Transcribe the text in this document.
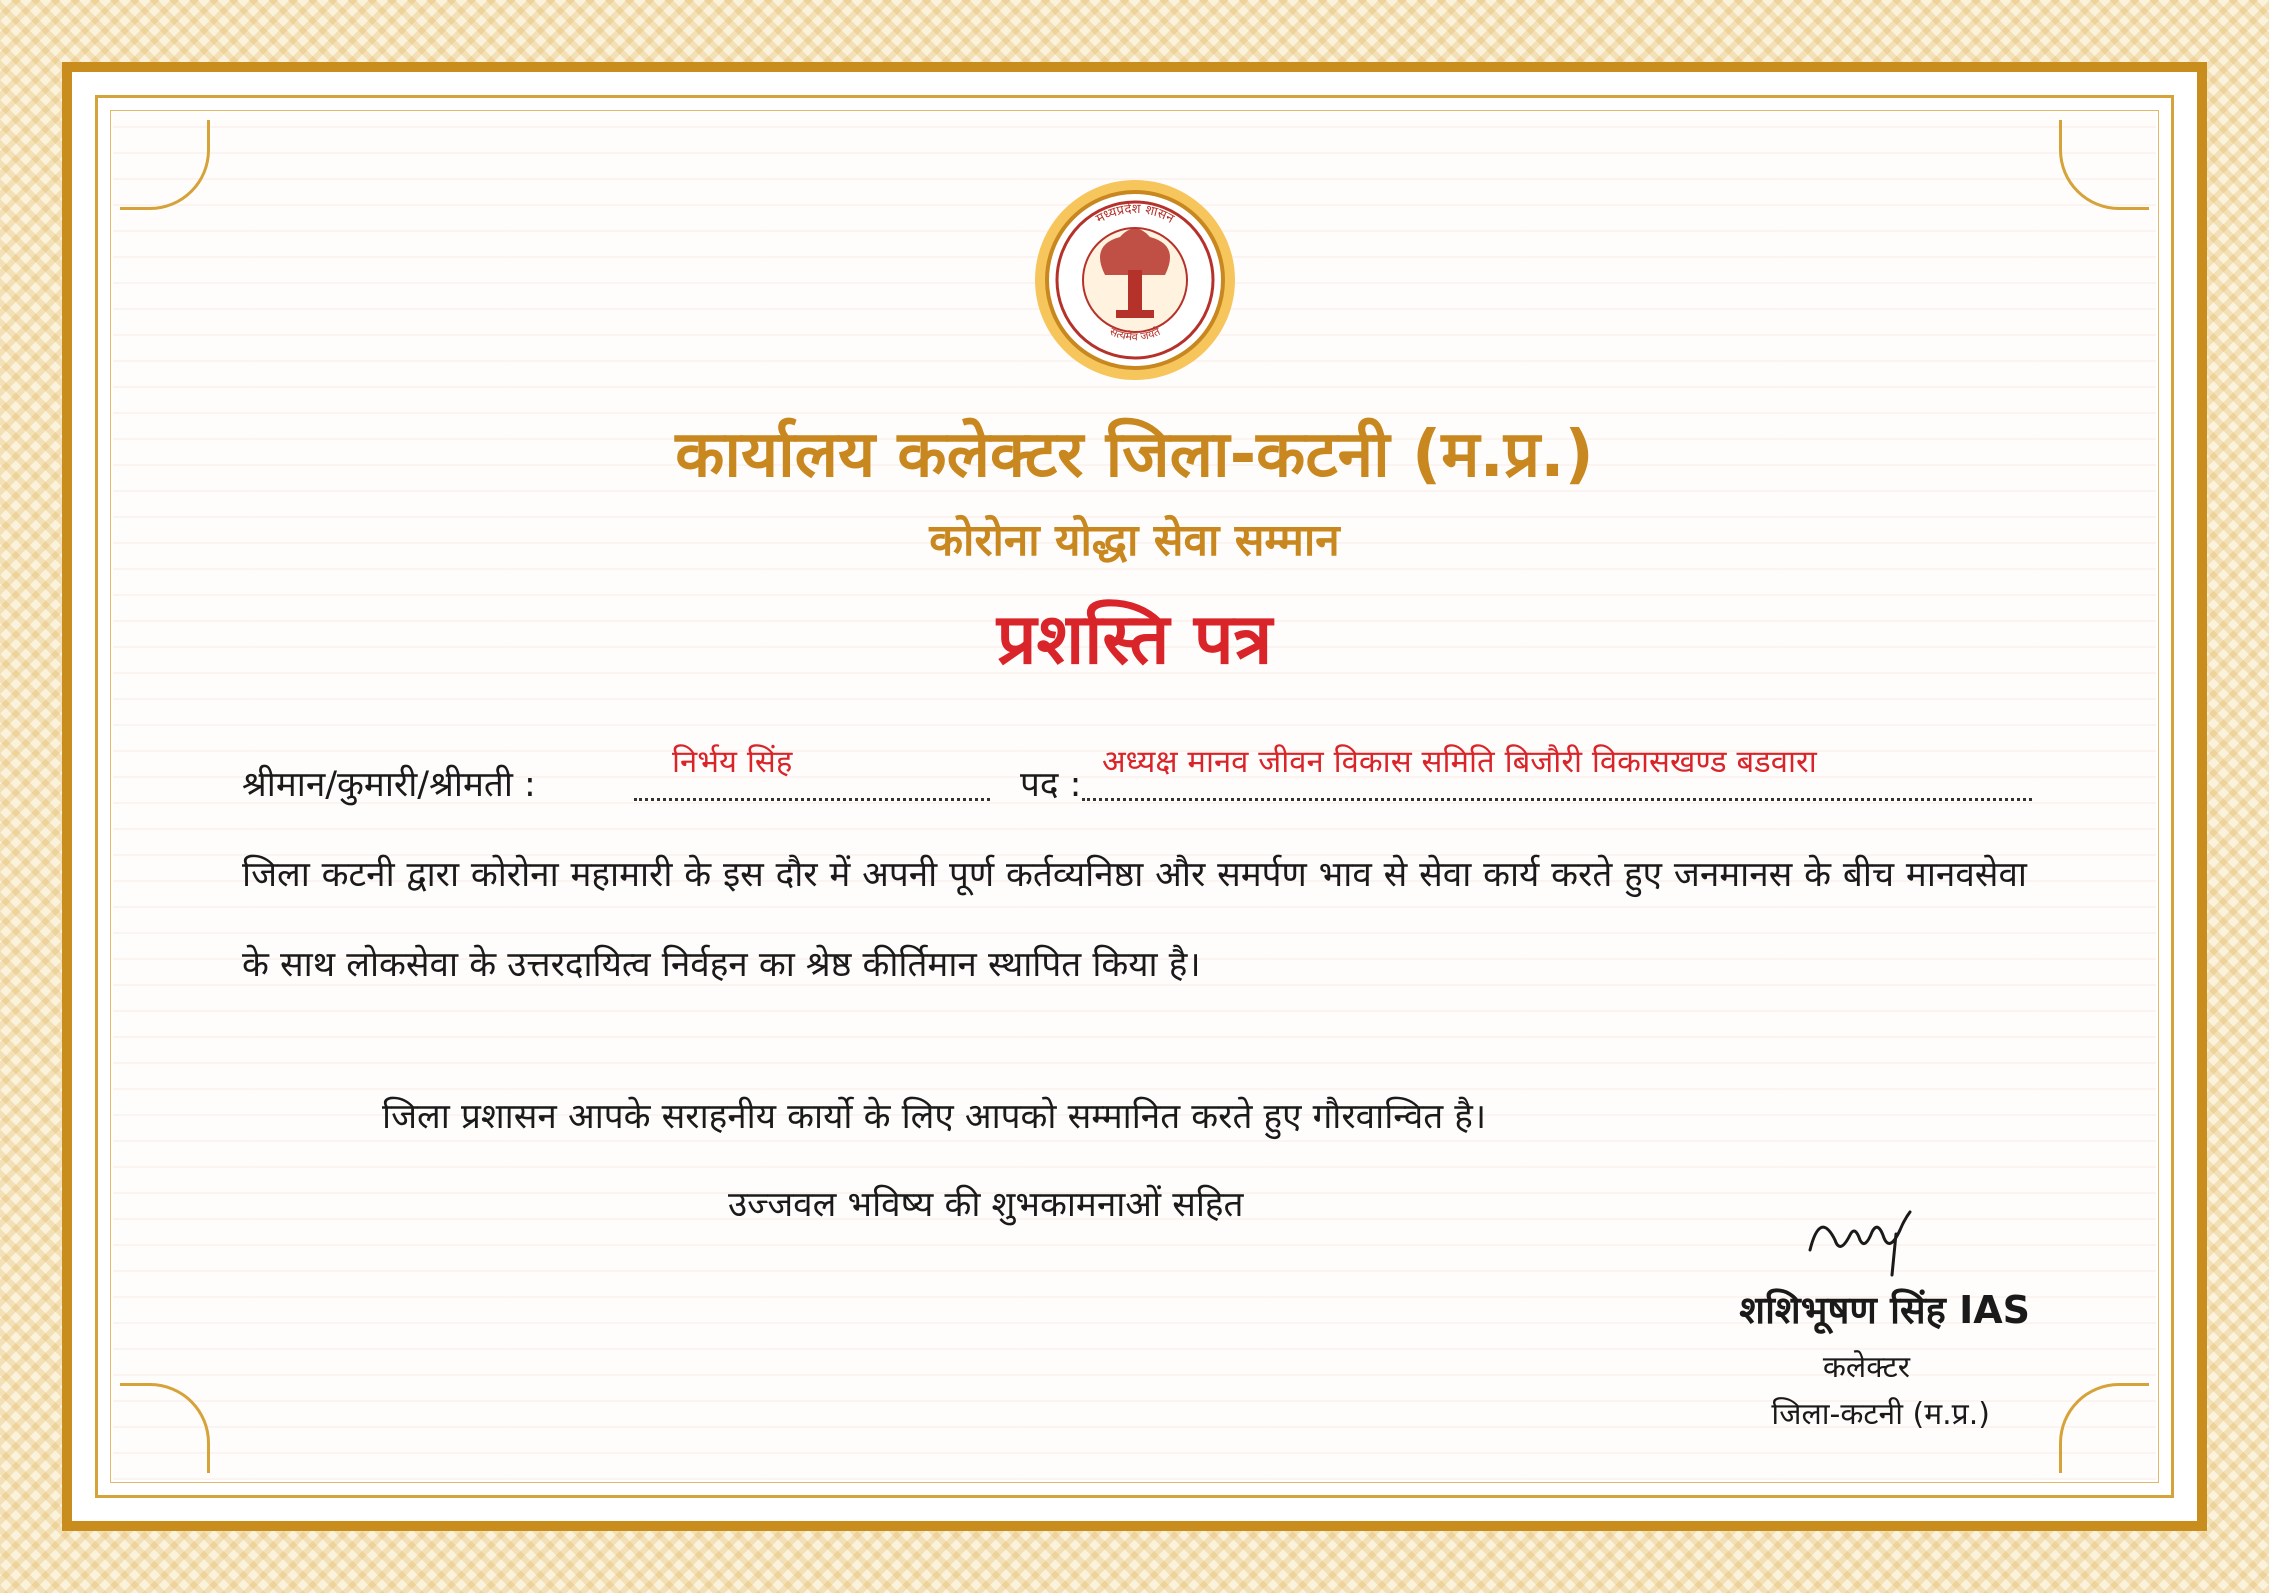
मध्यप्रदेश शासन
सत्यमेव जयते
कार्यालय कलेक्टर जिला-कटनी (म.प्र.)
कोरोना योद्धा सेवा सम्मान
प्रशस्ति पत्र
श्रीमान/कुमारी/श्रीमती :
निर्भय सिंह
पद :
अध्यक्ष मानव जीवन विकास समिति बिजौरी विकासखण्ड बडवारा
जिला कटनी द्वारा कोरोना महामारी के इस दौर में अपनी पूर्ण कर्तव्यनिष्ठा और समर्पण भाव से सेवा कार्य करते हुए जनमानस के बीच मानवसेवा के साथ लोकसेवा के उत्तरदायित्व निर्वहन का श्रेष्ठ कीर्तिमान स्थापित किया है।
जिला प्रशासन आपके सराहनीय कार्यो के लिए आपको सम्मानित करते हुए गौरवान्वित है।
उज्जवल भविष्य की शुभकामनाओं सहित
शशिभूषण सिंह IAS
कलेक्टर
जिला-कटनी (म.प्र.)
